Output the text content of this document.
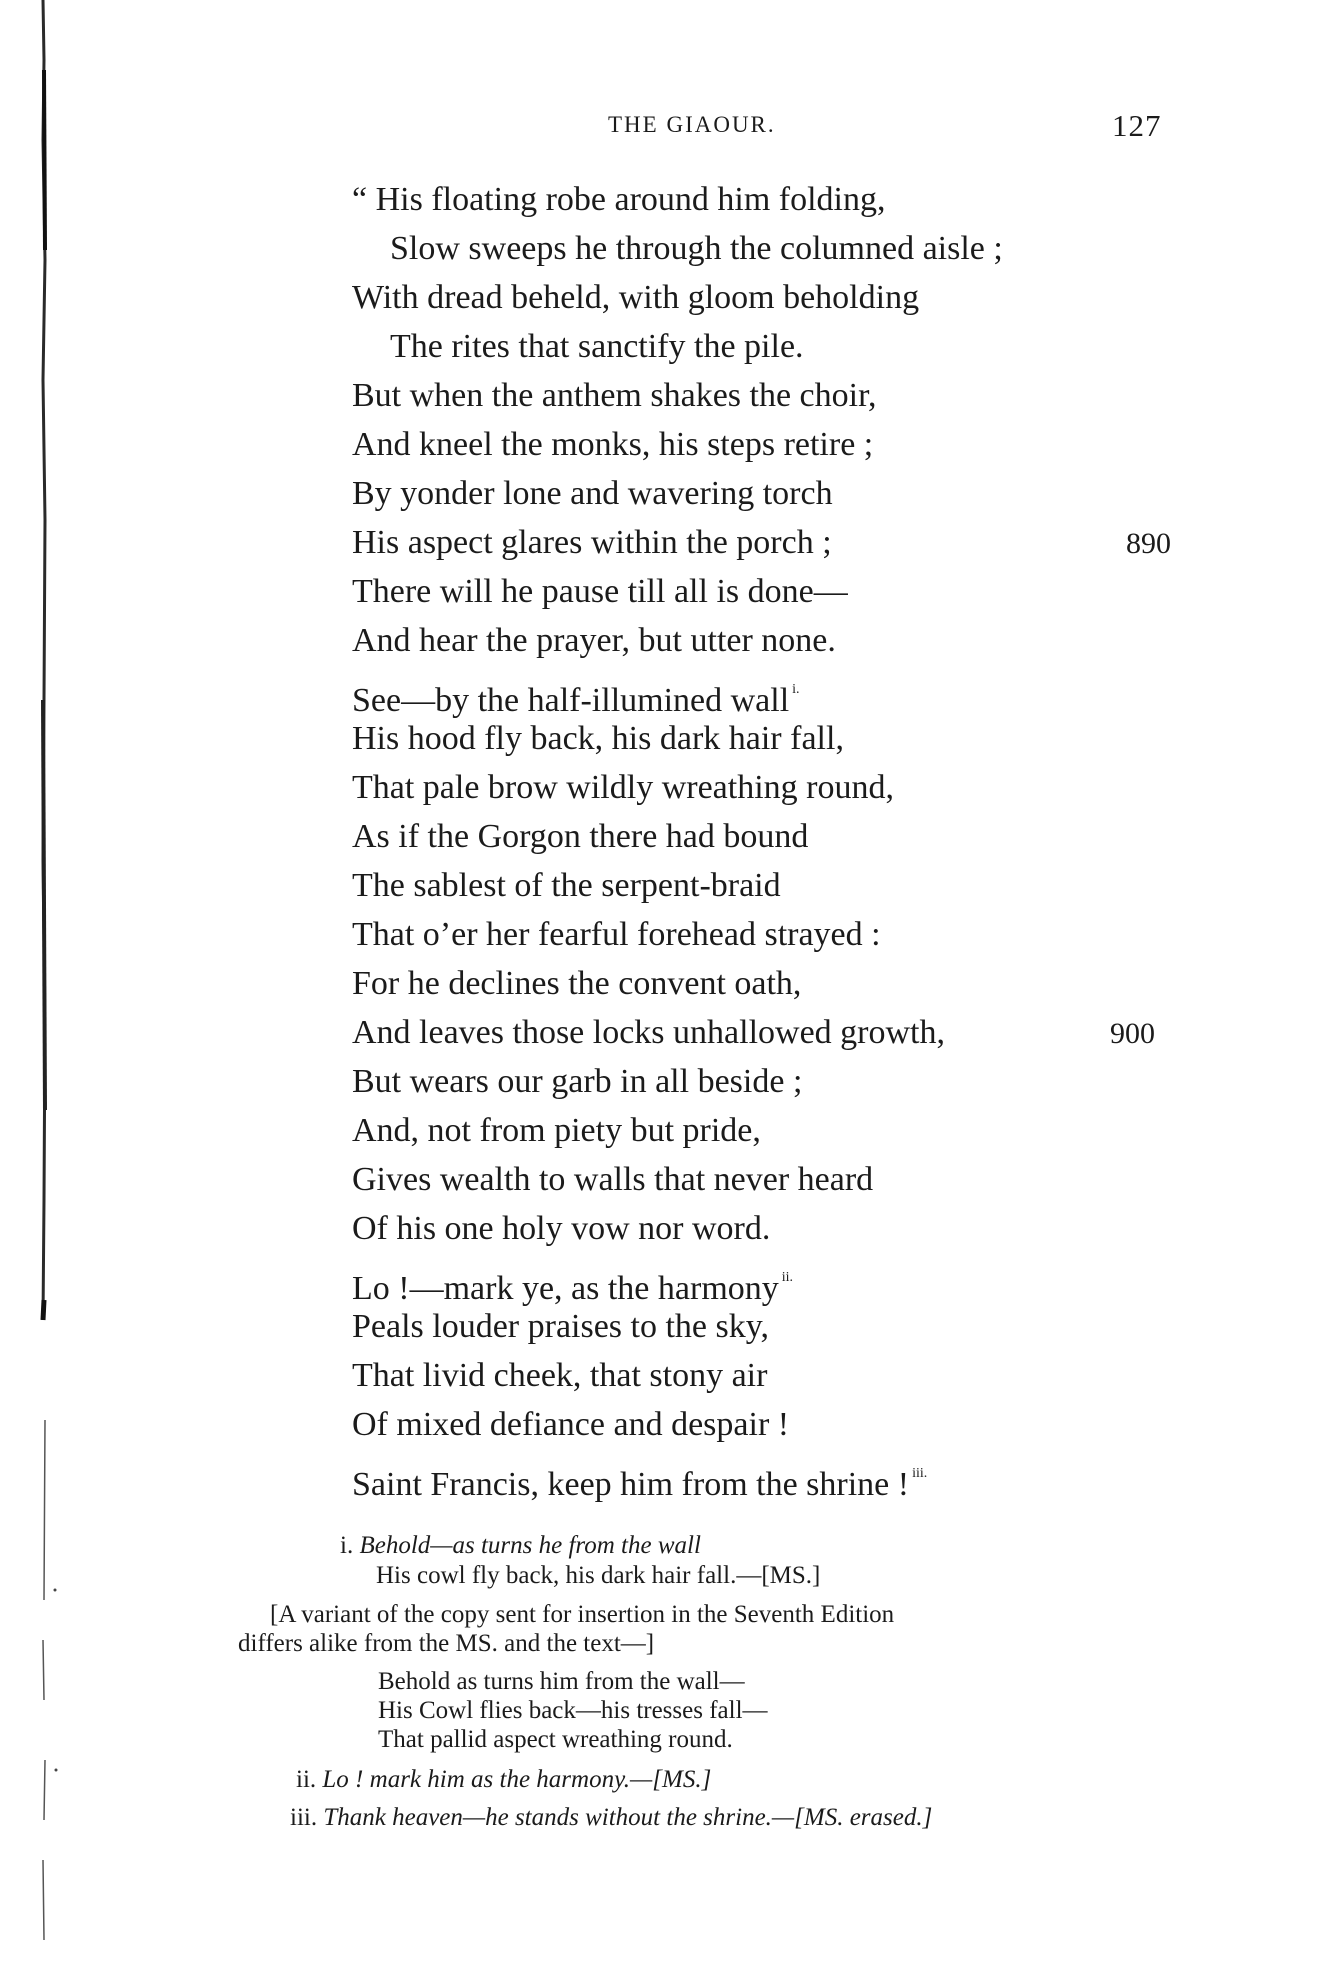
THE GIAOUR.	127
“ His floating robe around him folding,
Slow sweeps he through the columned aisle ;
With dread beheld, with gloom beholding
The rites that sanctify the pile.
But when the anthem shakes the choir,
And kneel the monks, his steps retire ;
By yonder lone and wavering torch
His aspect glares within the porch ;
There will he pause till all is done—
And hear the prayer, but utter none.
See—by the half-illumined wall $^{i.}$
His hood fly back, his dark hair fall,
That pale brow wildly wreathing round,
As if the Gorgon there had bound
The sablest of the serpent-braid
That o’er her fearful forehead strayed :
For he declines the convent oath,
And leaves those locks unhallowed growth,
But wears our garb in all beside ;
And, not from piety but pride,
Gives wealth to walls that never heard
Of his one holy vow nor word.
Lo !—mark ye, as the harmony $^{ii.}$
Peals louder praises to the sky,
That livid cheek, that stony air
Of mixed defiance and despair !
Saint Francis, keep him from the shrine ! $^{iii.}$
890
900
i. Behold—as turns he from the wall
His cowl fly back, his dark hair fall.—[MS.]
[A variant of the copy sent for insertion in the Seventh Edition
differs alike from the MS. and the text—]
Behold as turns him from the wall—
His Cowl flies back—his tresses fall—
That pallid aspect wreathing round.
ii. Lo ! mark him as the harmony.—[MS.]
iii. Thank heaven—he stands without the shrine.—[MS. erased.]
